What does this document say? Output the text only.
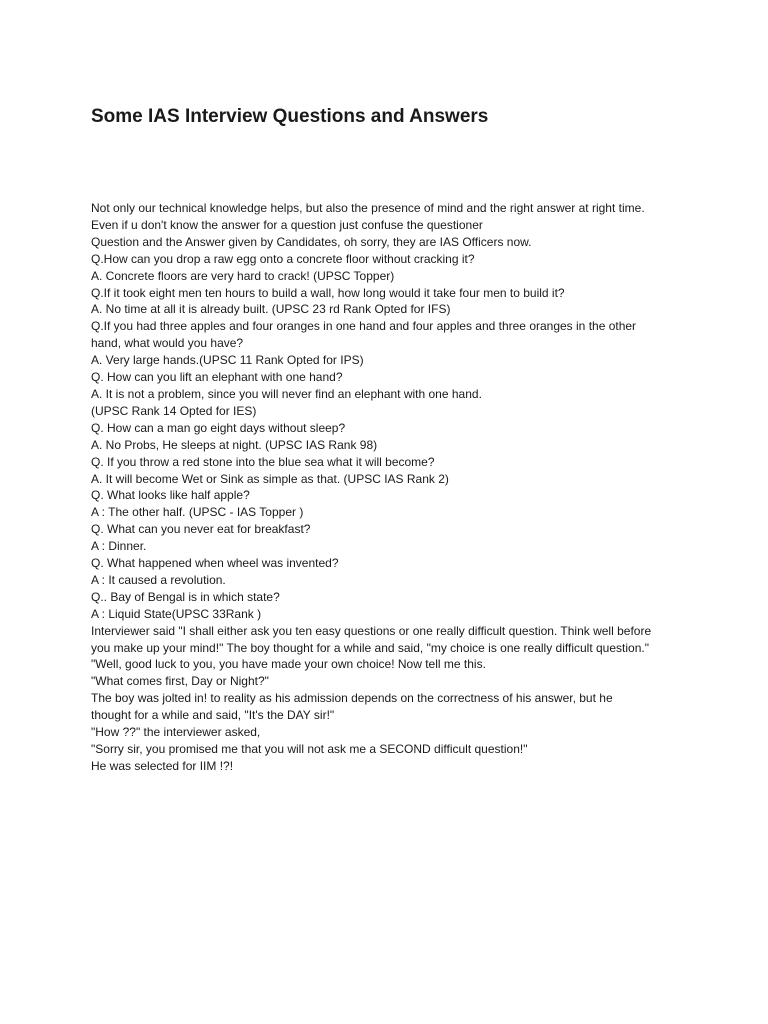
Some IAS Interview Questions and Answers
Not only our technical knowledge helps, but also the presence of mind and the right answer at right time.
Even if u don't know the answer for a question just confuse the questioner
Question and the Answer given by Candidates, oh sorry, they are IAS Officers now.
Q.How can you drop a raw egg onto a concrete floor without cracking it?
A. Concrete floors are very hard to crack! (UPSC Topper)
Q.If it took eight men ten hours to build a wall, how long would it take four men to build it?
A. No time at all it is already built. (UPSC 23 rd Rank Opted for IFS)
Q.If you had three apples and four oranges in one hand and four apples and three oranges in the other
hand, what would you have?
A. Very large hands.(UPSC 11 Rank Opted for IPS)
Q. How can you lift an elephant with one hand?
A. It is not a problem, since you will never find an elephant with one hand.
(UPSC Rank 14 Opted for IES)
Q. How can a man go eight days without sleep?
A. No Probs, He sleeps at night. (UPSC IAS Rank 98)
Q. If you throw a red stone into the blue sea what it will become?
A. It will become Wet or Sink as simple as that. (UPSC IAS Rank 2)
Q. What looks like half apple?
A : The other half. (UPSC - IAS Topper )
Q. What can you never eat for breakfast?
A : Dinner.
Q. What happened when wheel was invented?
A : It caused a revolution.
Q.. Bay of Bengal is in which state?
A : Liquid State(UPSC 33Rank )
Interviewer said "I shall either ask you ten easy questions or one really difficult question. Think well before
you make up your mind!" The boy thought for a while and said, "my choice is one really difficult question."
"Well, good luck to you, you have made your own choice! Now tell me this.
"What comes first, Day or Night?"
The boy was jolted in! to reality as his admission depends on the correctness of his answer, but he
thought for a while and said, "It's the DAY sir!"
"How ??" the interviewer asked,
"Sorry sir, you promised me that you will not ask me a SECOND difficult question!"
He was selected for IIM !?!
